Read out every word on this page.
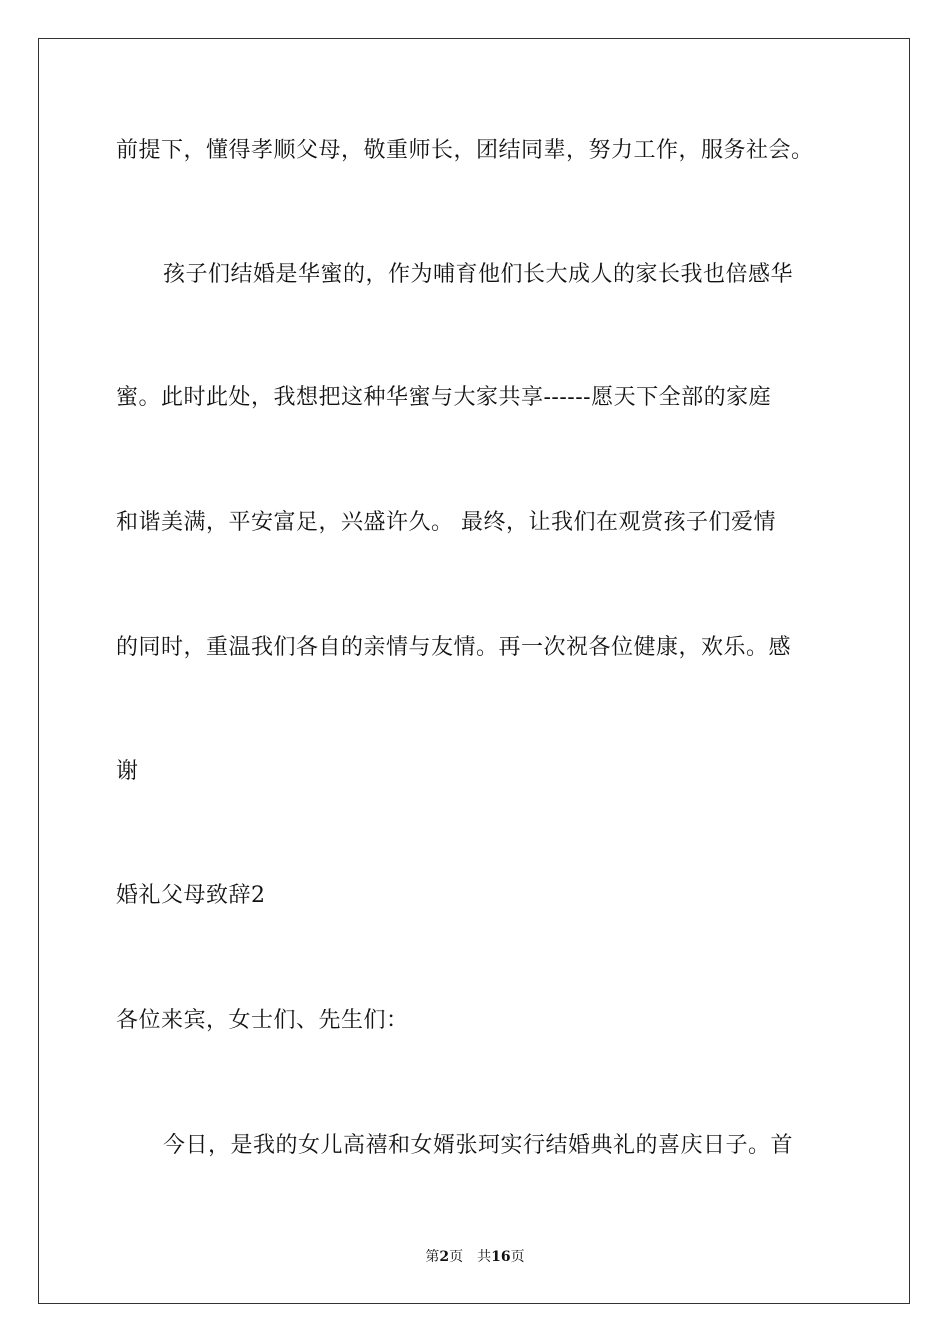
前提下，懂得孝顺父母，敬重师长，团结同辈，努力工作，服务社会。
孩子们结婚是华蜜的，作为哺育他们长大成人的家长我也倍感华
蜜。此时此处，我想把这种华蜜与大家共享------愿天下全部的家庭
和谐美满，平安富足，兴盛许久。 最终，让我们在观赏孩子们爱情
的同时，重温我们各自的亲情与友情。再一次祝各位健康，欢乐。感
谢
婚礼父母致辞2
各位来宾，女士们、先生们：
今日，是我的女儿高禧和女婿张珂实行结婚典礼的喜庆日子。首
第2页 共16页
